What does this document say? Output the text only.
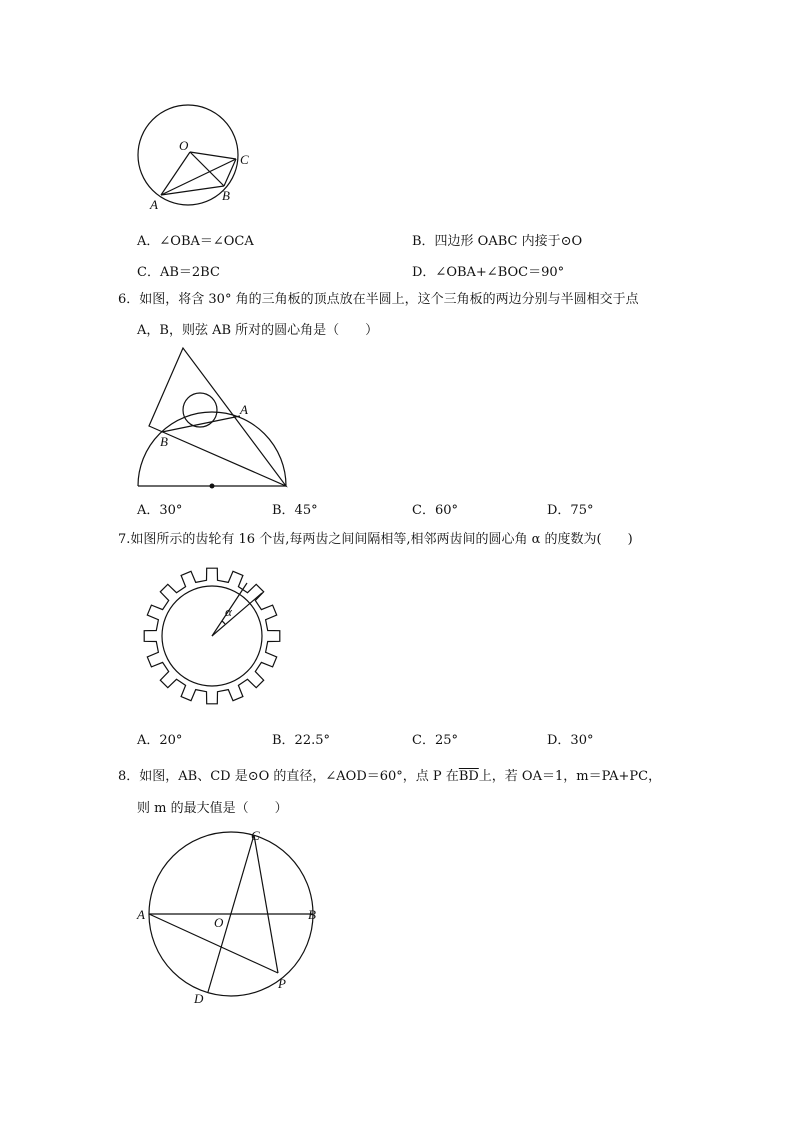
O
C
B
A
A．∠OBA＝∠OCA	B．四边形 OABC 内接于⊙O
C．AB＝2BC	D．∠OBA+∠BOC＝90°
6．如图，将含 30° 角的三角板的顶点放在半圆上，这个三角板的两边分别与半圆相交于点
A，B，则弦 AB 所对的圆心角是（　　）
A
B
A．30°	B．45°	C．60°	D．75°
7.如图所示的齿轮有 16 个齿,每两齿之间间隔相等,相邻两齿间的圆心角 α 的度数为(　　)
α
A．20°	B．22.5°	C．25°	D．30°
8．如图，AB、CD 是⊙O 的直径，∠AOD＝60°，点 P 在$\overline{BD}$上，若 OA＝1，m＝PA+PC，
则 m 的最大值是（　　）
C
A	B
O
P
D
